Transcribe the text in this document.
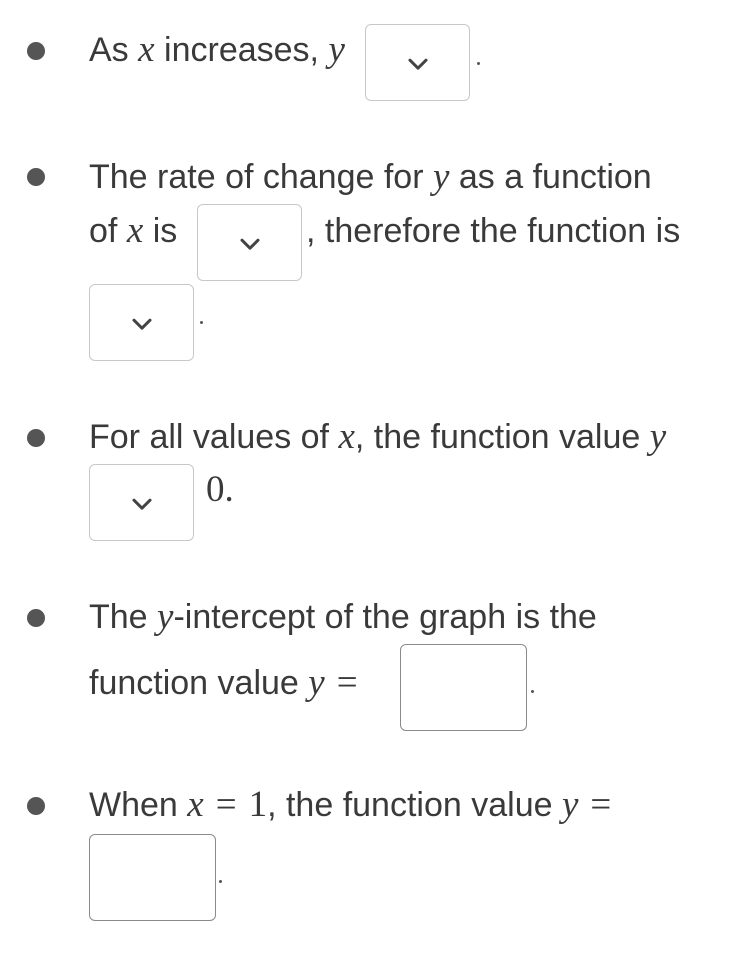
As x increases, y
The rate of change for y as a function
of x is	, therefore the function is
For all values of x, the function value y
0.
The y-intercept of the graph is the
function value y =
When x = 1, the function value y =
